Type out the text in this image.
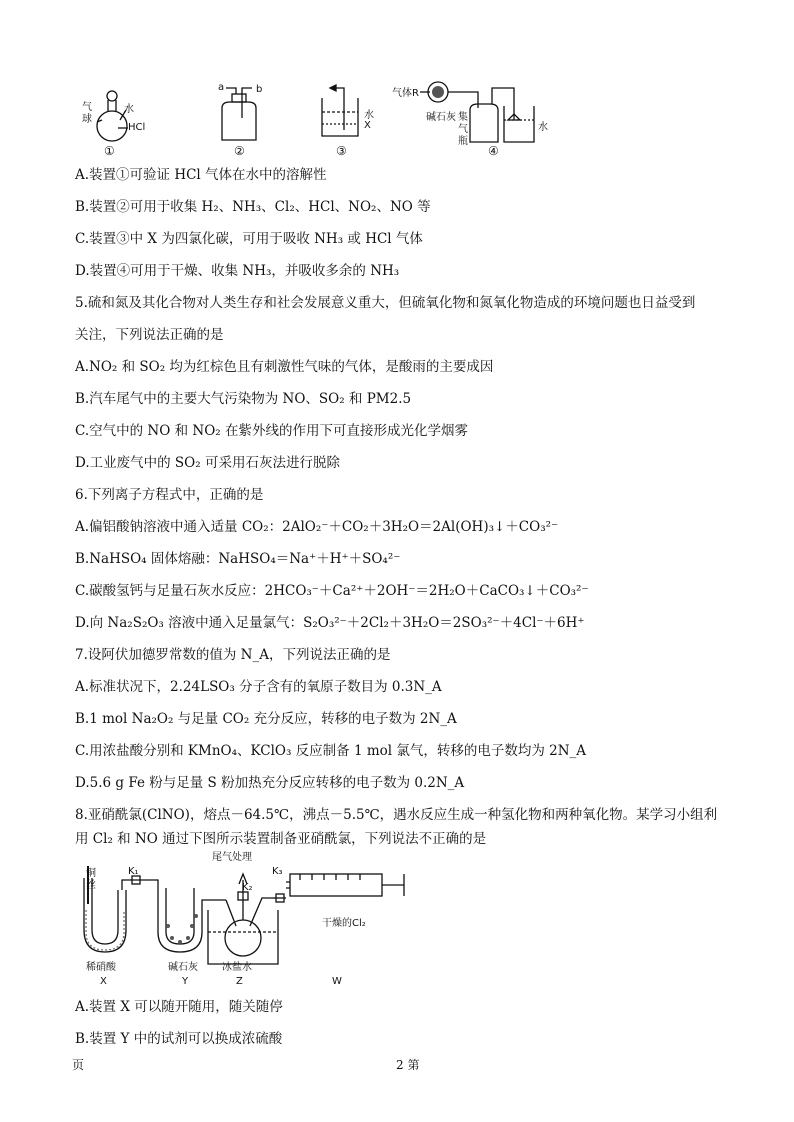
气
球
水
HCl
a	b
水
X
气体R
碱石灰 集
气
瓶
水
①	②	③	④
A.装置①可验证 HCl 气体在水中的溶解性
B.装置②可用于收集 H₂、NH₃、Cl₂、HCl、NO₂、NO 等
C.装置③中 X 为四氯化碳，可用于吸收 NH₃ 或 HCl 气体
D.装置④可用于干燥、收集 NH₃，并吸收多余的 NH₃
5.硫和氮及其化合物对人类生存和社会发展意义重大，但硫氧化物和氮氧化物造成的环境问题也日益受到
关注，下列说法正确的是
A.NO₂ 和 SO₂ 均为红棕色且有刺激性气味的气体，是酸雨的主要成因
B.汽车尾气中的主要大气污染物为 NO、SO₂ 和 PM2.5
C.空气中的 NO 和 NO₂ 在紫外线的作用下可直接形成光化学烟雾
D.工业废气中的 SO₂ 可采用石灰法进行脱除
6.下列离子方程式中，正确的是
A.偏铝酸钠溶液中通入适量 CO₂：2AlO₂⁻＋CO₂＋3H₂O＝2Al(OH)₃↓＋CO₃²⁻
B.NaHSO₄ 固体熔融：NaHSO₄＝Na⁺＋H⁺＋SO₄²⁻
C.碳酸氢钙与足量石灰水反应：2HCO₃⁻＋Ca²⁺＋2OH⁻＝2H₂O＋CaCO₃↓＋CO₃²⁻
D.向 Na₂S₂O₃ 溶液中通入足量氯气：S₂O₃²⁻＋2Cl₂＋3H₂O＝2SO₃²⁻＋4Cl⁻＋6H⁺
7.设阿伏加德罗常数的值为 N_A，下列说法正确的是
A.标准状况下，2.24LSO₃ 分子含有的氧原子数目为 0.3N_A
B.1 mol Na₂O₂ 与足量 CO₂ 充分反应，转移的电子数为 2N_A
C.用浓盐酸分别和 KMnO₄、KClO₃ 反应制备 1 mol 氯气，转移的电子数均为 2N_A
D.5.6 g Fe 粉与足量 S 粉加热充分反应转移的电子数为 0.2N_A
8.亚硝酰氯(ClNO)，熔点－64.5℃，沸点－5.5℃，遇水反应生成一种氢化物和两种氧化物。某学习小组利
用 Cl₂ 和 NO 通过下图所示装置制备亚硝酰氯，下列说法不正确的是
铜
丝
K₁
尾气处理
K₂
K₃
干燥的Cl₂
稀硝酸	碱石灰 冰盐水
X	Y	Z	W
A.装置 X 可以随开随用，随关随停
B.装置 Y 中的试剂可以换成浓硫酸
页	2 第
